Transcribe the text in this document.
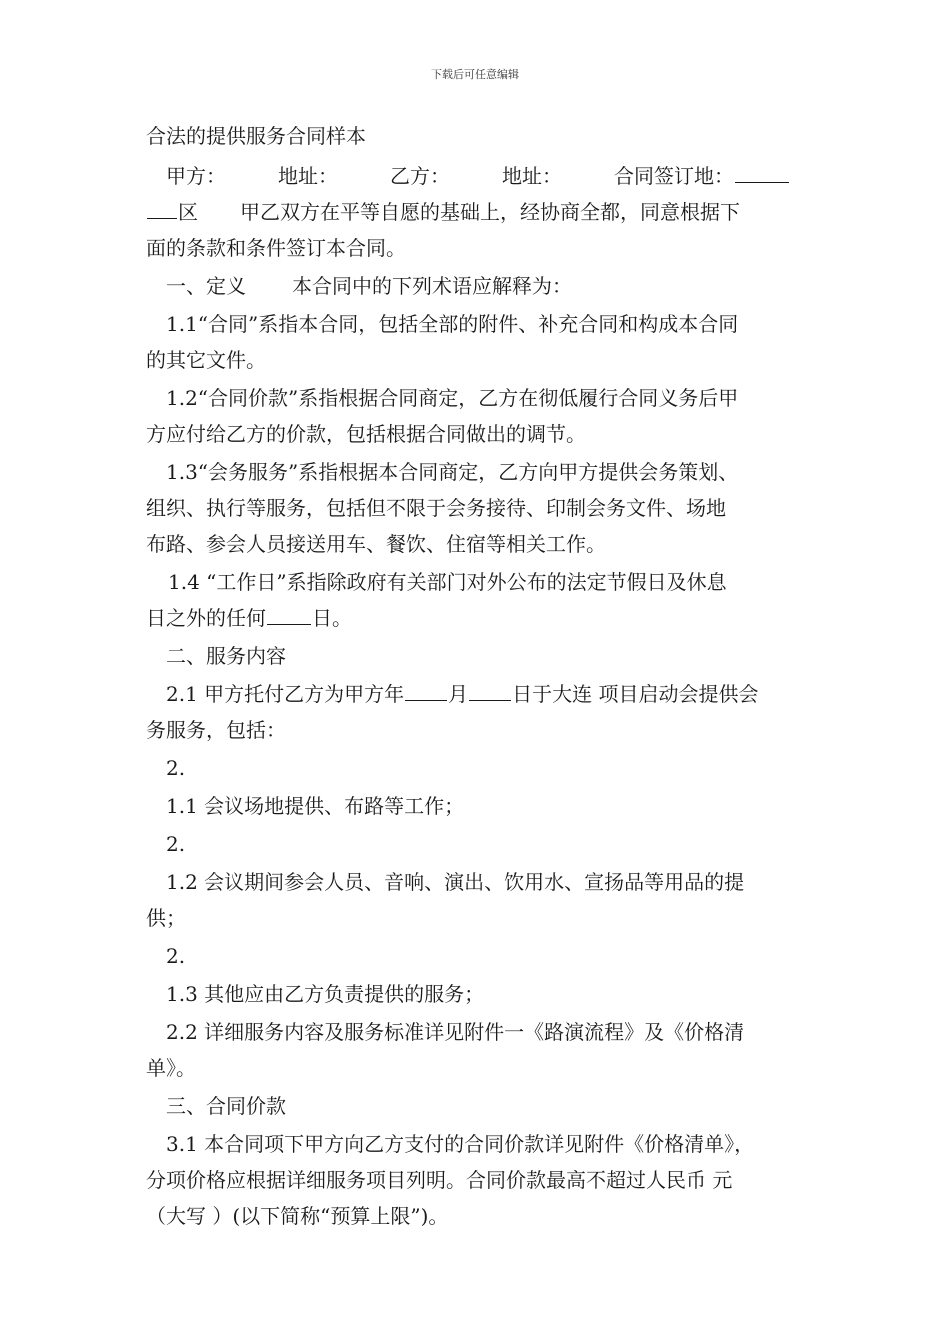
下载后可任意编辑
合法的提供服务合同样本
甲方：	地址：	乙方：	地址：	合同签订地：
区 甲乙双方在平等自愿的基础上，经协商全都，同意根据下
面的条款和条件签订本合同。
一、定义 本合同中的下列术语应解释为：
1.1“合同”系指本合同，包括全部的附件、补充合同和构成本合同
的其它文件。
1.2“合同价款”系指根据合同商定，乙方在彻低履行合同义务后甲
方应付给乙方的价款，包括根据合同做出的调节。
1.3“会务服务”系指根据本合同商定，乙方向甲方提供会务策划、
组织、执行等服务，包括但不限于会务接待、印制会务文件、场地
布路、参会人员接送用车、餐饮、住宿等相关工作。
1.4 “工作日”系指除政府有关部门对外公布的法定节假日及休息
日之外的任何 日。
二、服务内容
2.1 甲方托付乙方为甲方年 月 日于大连 项目启动会提供会
务服务，包括：
2.
1.1 会议场地提供、布路等工作；
2.
1.2 会议期间参会人员、音响、演出、饮用水、宣扬品等用品的提
供；
2.
1.3 其他应由乙方负责提供的服务；
2.2 详细服务内容及服务标准详见附件一《路演流程》及《价格清
单》。
三、合同价款
3.1 本合同项下甲方向乙方支付的合同价款详见附件《价格清单》，
分项价格应根据详细服务项目列明。合同价款最高不超过人民币 元
（大写 ）(以下简称“预算上限”)。
